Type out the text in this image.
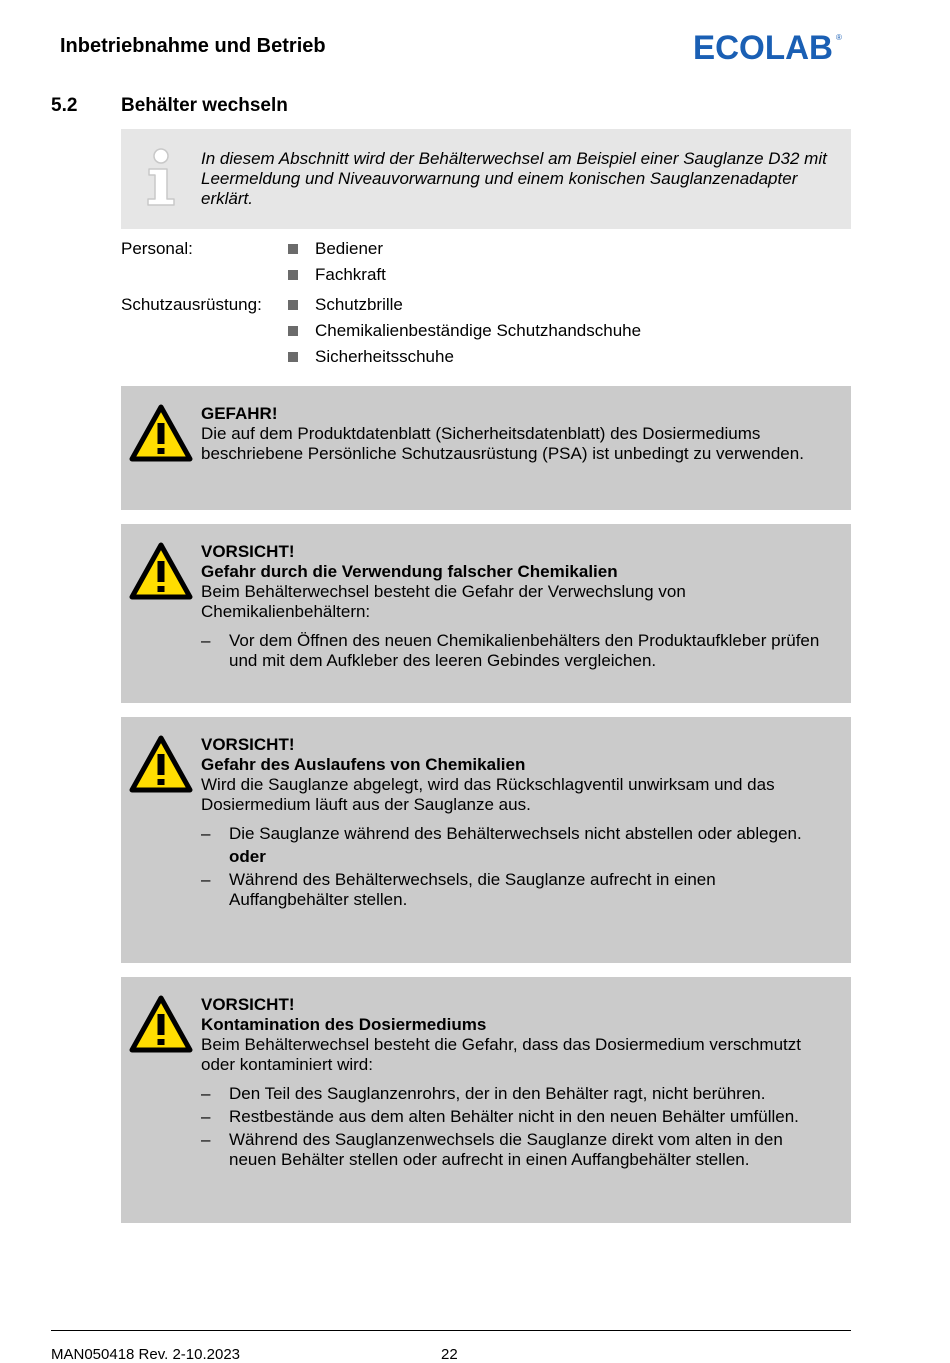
Inbetriebnahme und Betrieb	ECOLAB ®
5.2 Behälter wechseln
In diesem Abschnitt wird der Behälterwechsel am Beispiel einer Sauglanze D32 mit Leermeldung und Niveauvorwarnung und einem konischen Sauglanzenadapter erklärt.
Personal:	Bediener
Fachkraft
Schutzausrüstung:	Schutzbrille
Chemikalienbeständige Schutzhandschuhe
Sicherheitsschuhe
GEFAHR!
Die auf dem Produktdatenblatt (Sicherheitsdatenblatt) des Dosiermediums beschriebene Persönliche Schutzausrüstung (PSA) ist unbedingt zu verwenden.
VORSICHT!
Gefahr durch die Verwendung falscher Chemikalien
Beim Behälterwechsel besteht die Gefahr der Verwechslung von Chemikalienbehältern:
– Vor dem Öffnen des neuen Chemikalienbehälters den Produktaufkleber prüfen und mit dem Aufkleber des leeren Gebindes vergleichen.
VORSICHT!
Gefahr des Auslaufens von Chemikalien
Wird die Sauglanze abgelegt, wird das Rückschlagventil unwirksam und das Dosiermedium läuft aus der Sauglanze aus.
– Die Sauglanze während des Behälterwechsels nicht abstellen oder ablegen.
oder
– Während des Behälterwechsels, die Sauglanze aufrecht in einen Auffangbehälter stellen.
VORSICHT!
Kontamination des Dosiermediums
Beim Behälterwechsel besteht die Gefahr, dass das Dosiermedium verschmutzt oder kontaminiert wird:
– Den Teil des Sauglanzenrohrs, der in den Behälter ragt, nicht berühren.
– Restbestände aus dem alten Behälter nicht in den neuen Behälter umfüllen.
– Während des Sauglanzenwechsels die Sauglanze direkt vom alten in den neuen Behälter stellen oder aufrecht in einen Auffangbehälter stellen.
MAN050418 Rev. 2-10.2023	22
